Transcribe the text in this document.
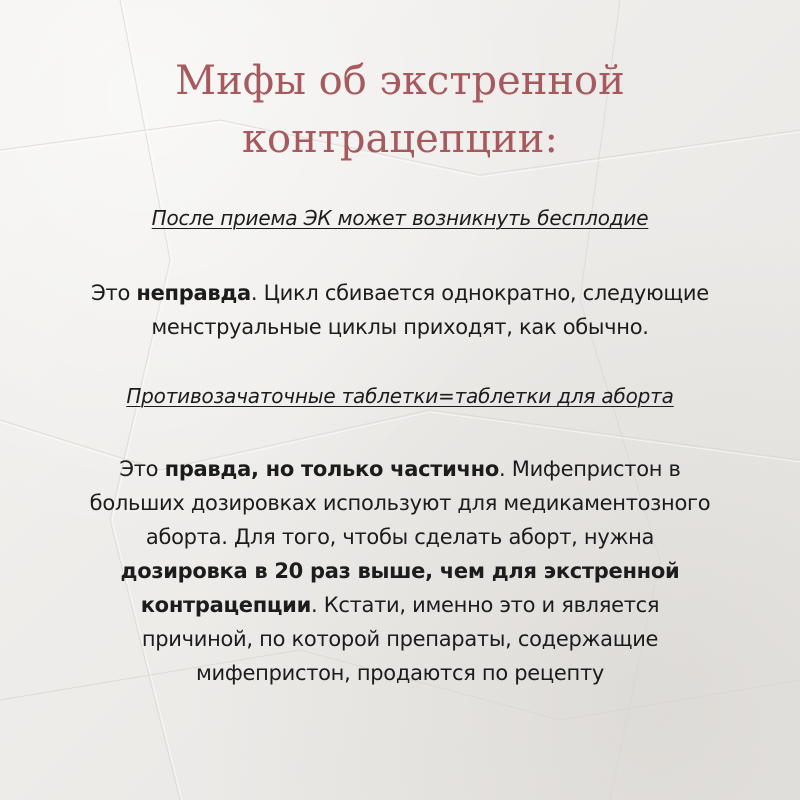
Мифы об экстренной
контрацепции:

После приема ЭК может возникнуть бесплодие

Это неправда. Цикл сбивается однократно, следующие
менструальные циклы приходят, как обычно.

Противозачаточные таблетки=таблетки для аборта

Это правда, но только частично. Мифепристон в
больших дозировках используют для медикаментозного
аборта. Для того, чтобы сделать аборт, нужна
дозировка в 20 раз выше, чем для экстренной
контрацепции. Кстати, именно это и является
причиной, по которой препараты, содержащие
мифепристон, продаются по рецепту
